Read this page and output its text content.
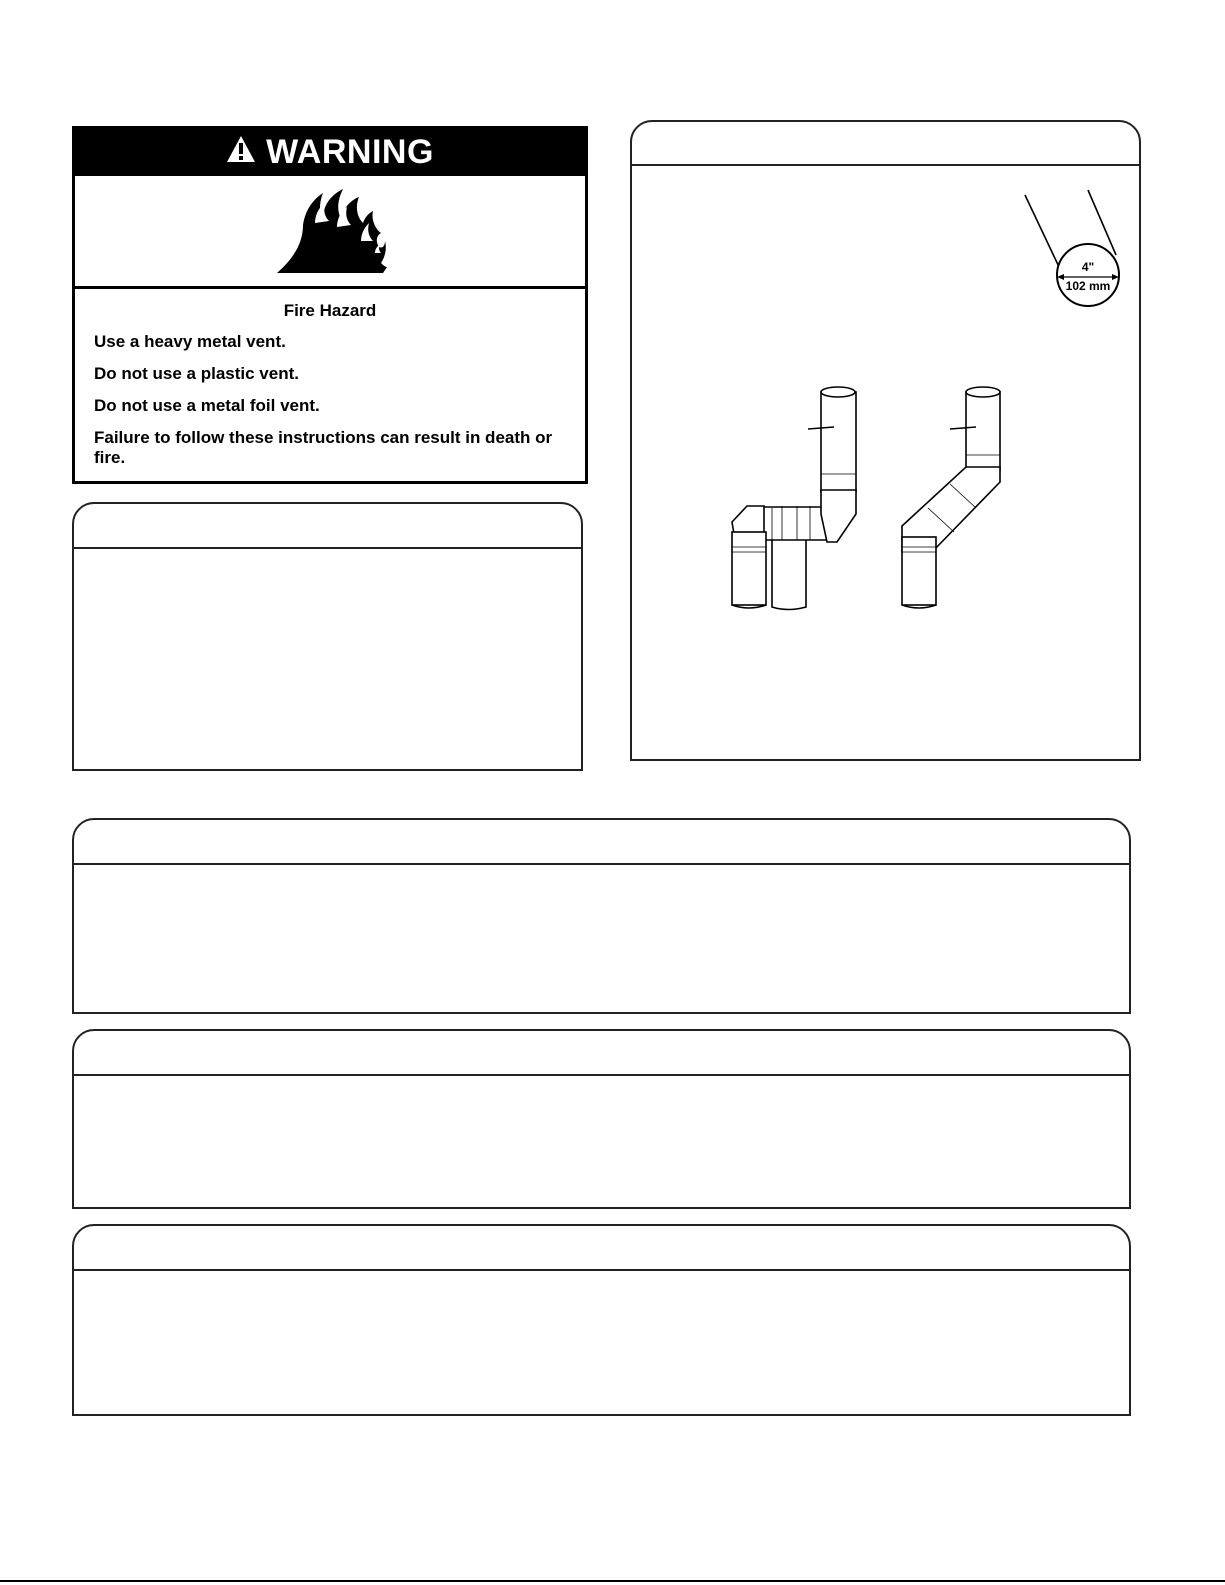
WARNING
Fire Hazard

Use a heavy metal vent.

Do not use a plastic vent.

Do not use a metal foil vent.

Failure to follow these instructions can result in death or fire.

4"
102 mm
